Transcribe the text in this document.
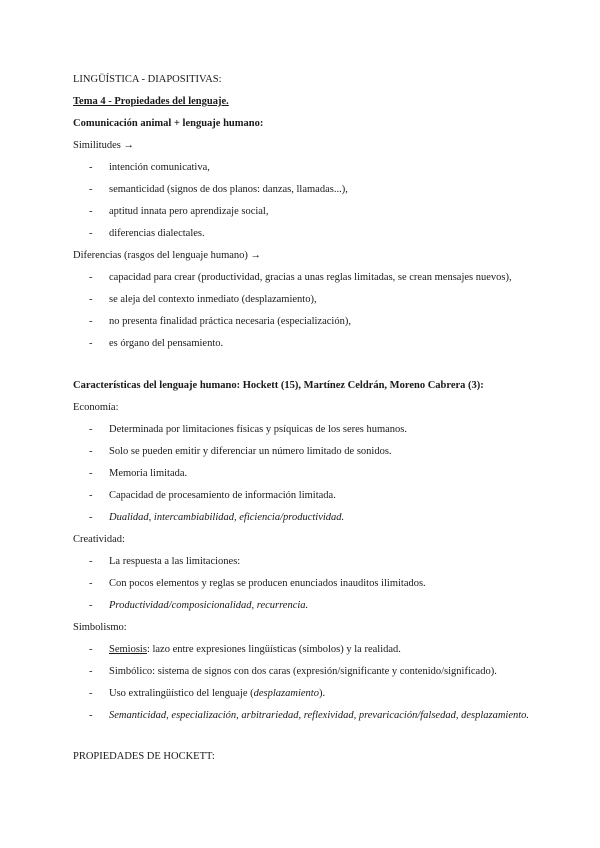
LINGÜÍSTICA - DIAPOSITIVAS:
Tema 4 - Propiedades del lenguaje.
Comunicación animal + lenguaje humano:
Similitudes →
- intención comunicativa,
- semanticidad (signos de dos planos: danzas, llamadas...),
- aptitud innata pero aprendizaje social,
- diferencias dialectales.
Diferencias (rasgos del lenguaje humano) →
- capacidad para crear (productividad, gracias a unas reglas limitadas, se crean mensajes nuevos),
- se aleja del contexto inmediato (desplazamiento),
- no presenta finalidad práctica necesaria (especialización),
- es órgano del pensamiento.
Características del lenguaje humano: Hockett (15), Martínez Celdrán, Moreno Cabrera (3):
Economía:
- Determinada por limitaciones físicas y psíquicas de los seres humanos.
- Solo se pueden emitir y diferenciar un número limitado de sonidos.
- Memoria limitada.
- Capacidad de procesamiento de información limitada.
- Dualidad, intercambiabilidad, eficiencia/productividad.
Creatividad:
- La respuesta a las limitaciones:
- Con pocos elementos y reglas se producen enunciados inauditos ilimitados.
- Productividad/composicionalidad, recurrencia.
Simbolismo:
- Semiosis: lazo entre expresiones lingüísticas (símbolos) y la realidad.
- Simbólico: sistema de signos con dos caras (expresión/significante y contenido/significado).
- Uso extralingüístico del lenguaje (desplazamiento).
- Semanticidad, especialización, arbitrariedad, reflexividad, prevaricación/falsedad, desplazamiento.
PROPIEDADES DE HOCKETT:
